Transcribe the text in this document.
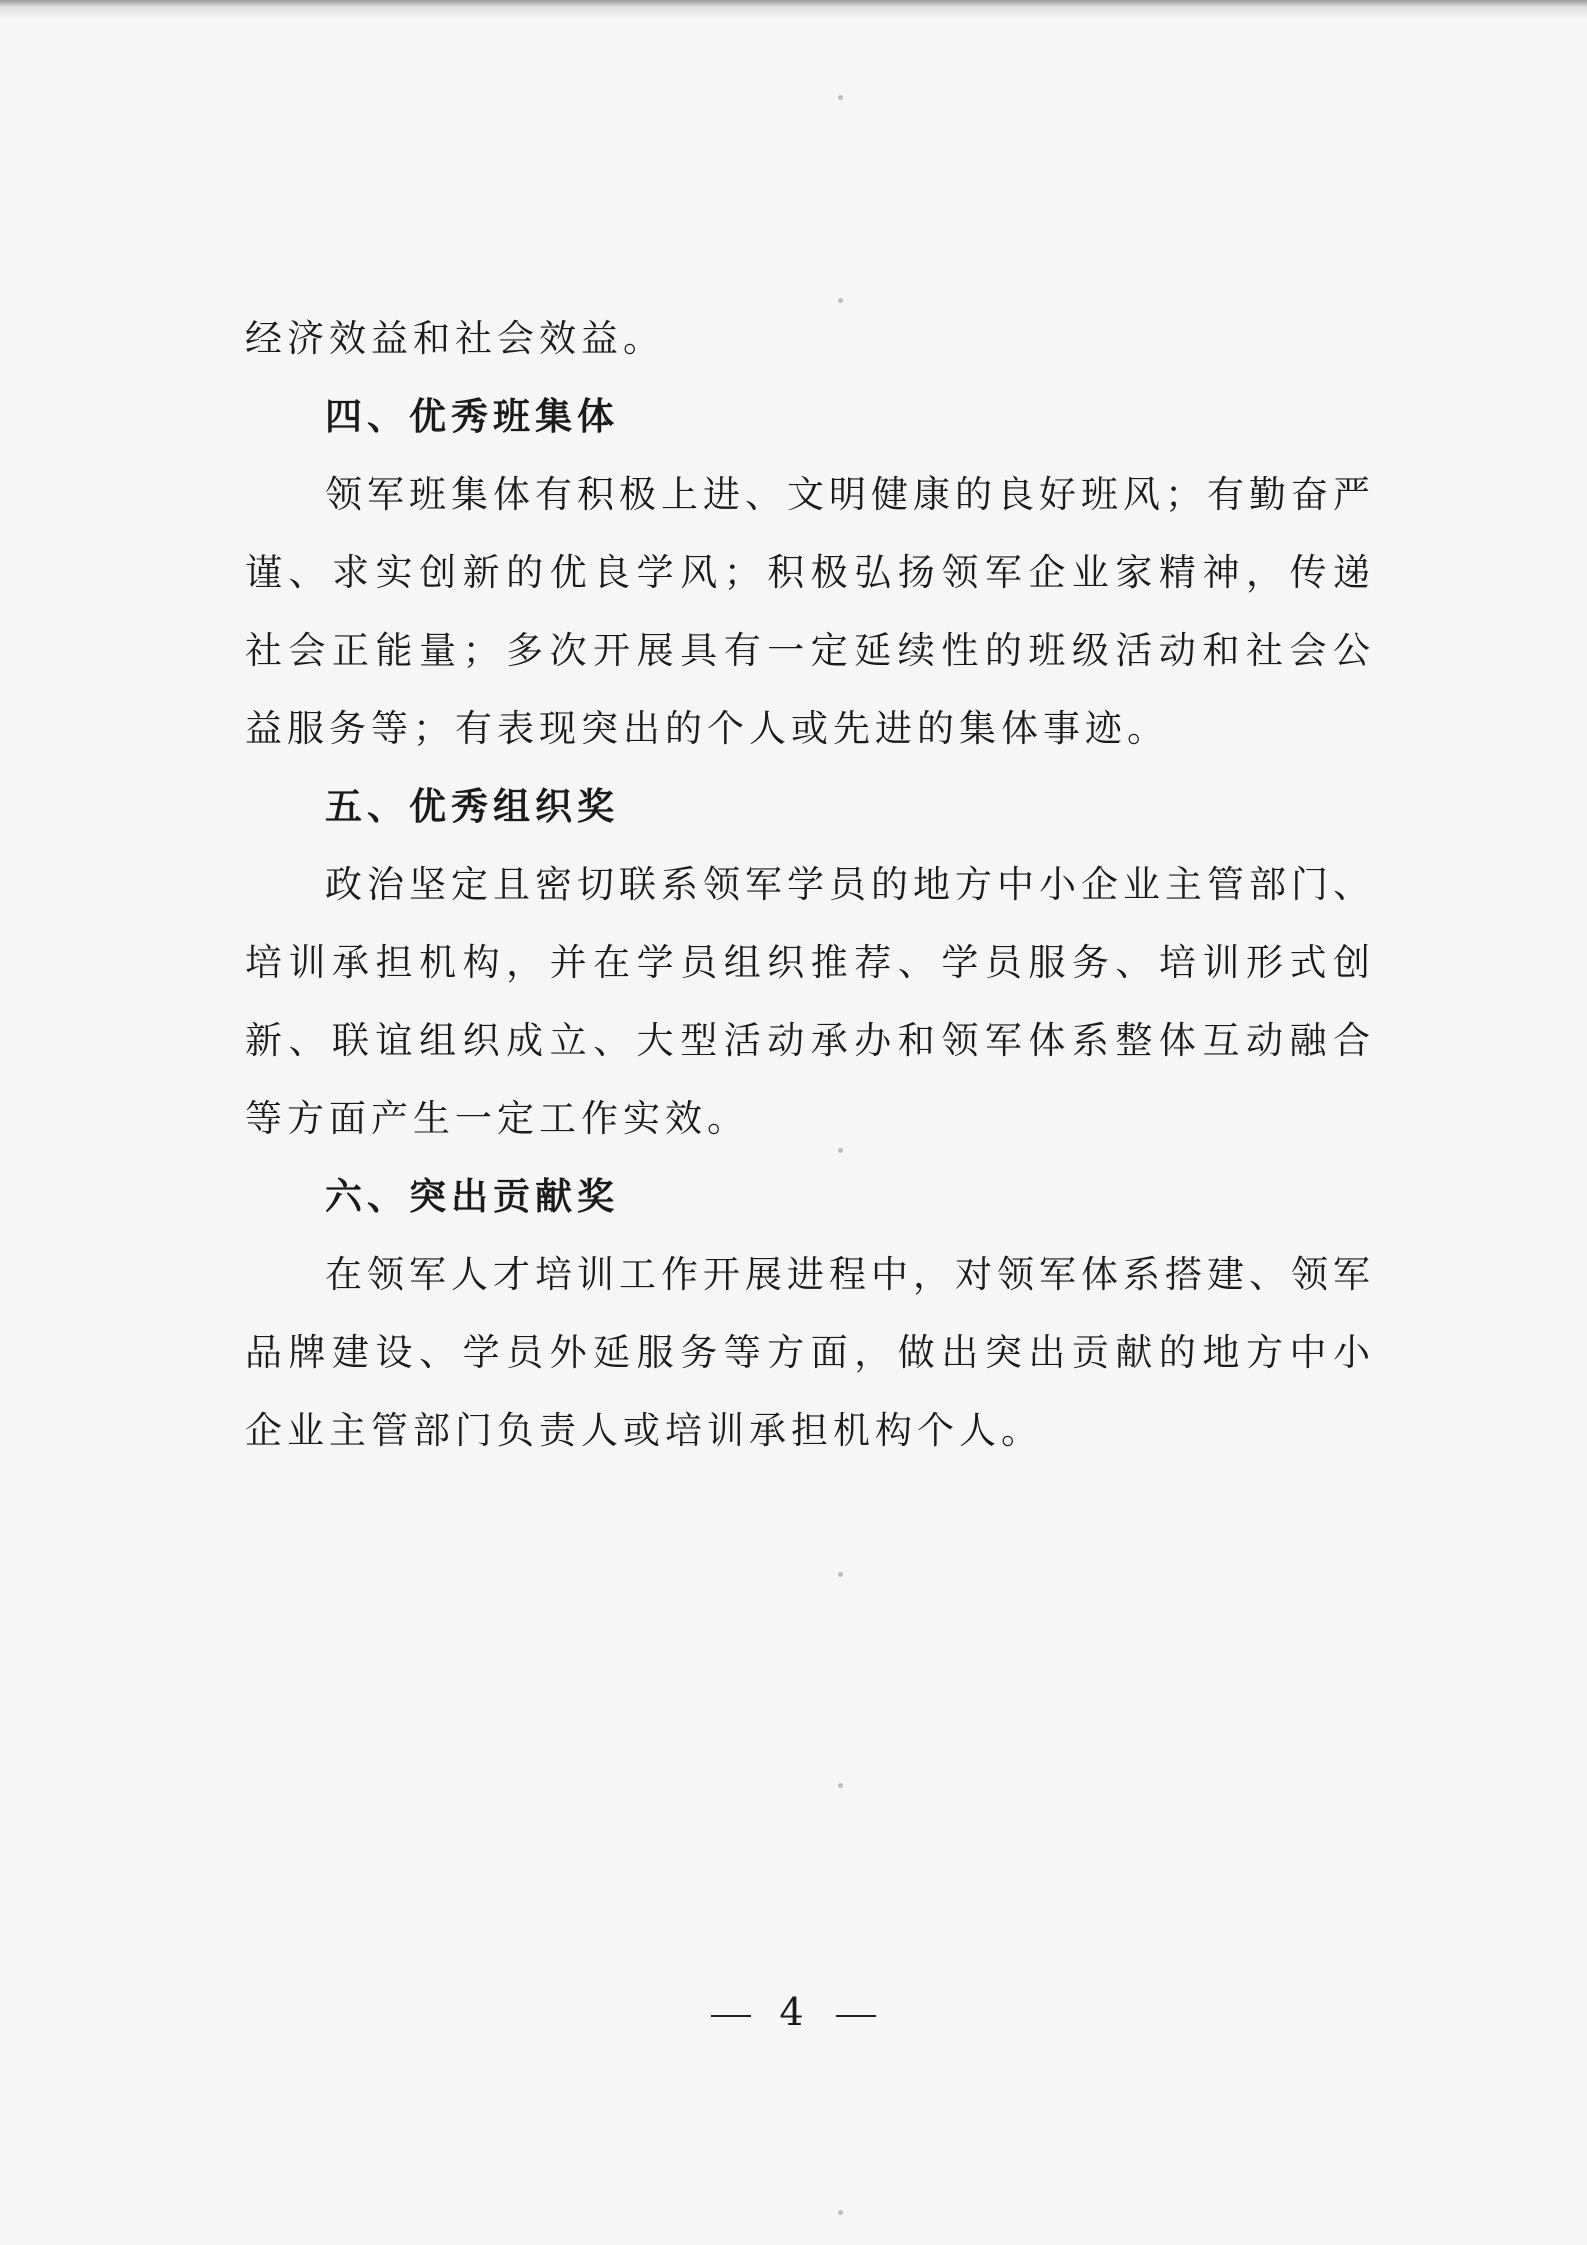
经济效益和社会效益。

四、优秀班集体

领军班集体有积极上进、文明健康的良好班风；有勤奋严谨、求实创新的优良学风；积极弘扬领军企业家精神，传递社会正能量；多次开展具有一定延续性的班级活动和社会公益服务等；有表现突出的个人或先进的集体事迹。

五、优秀组织奖

政治坚定且密切联系领军学员的地方中小企业主管部门、培训承担机构，并在学员组织推荐、学员服务、培训形式创新、联谊组织成立、大型活动承办和领军体系整体互动融合等方面产生一定工作实效。

六、突出贡献奖

在领军人才培训工作开展进程中，对领军体系搭建、领军品牌建设、学员外延服务等方面，做出突出贡献的地方中小企业主管部门负责人或培训承担机构个人。

4
